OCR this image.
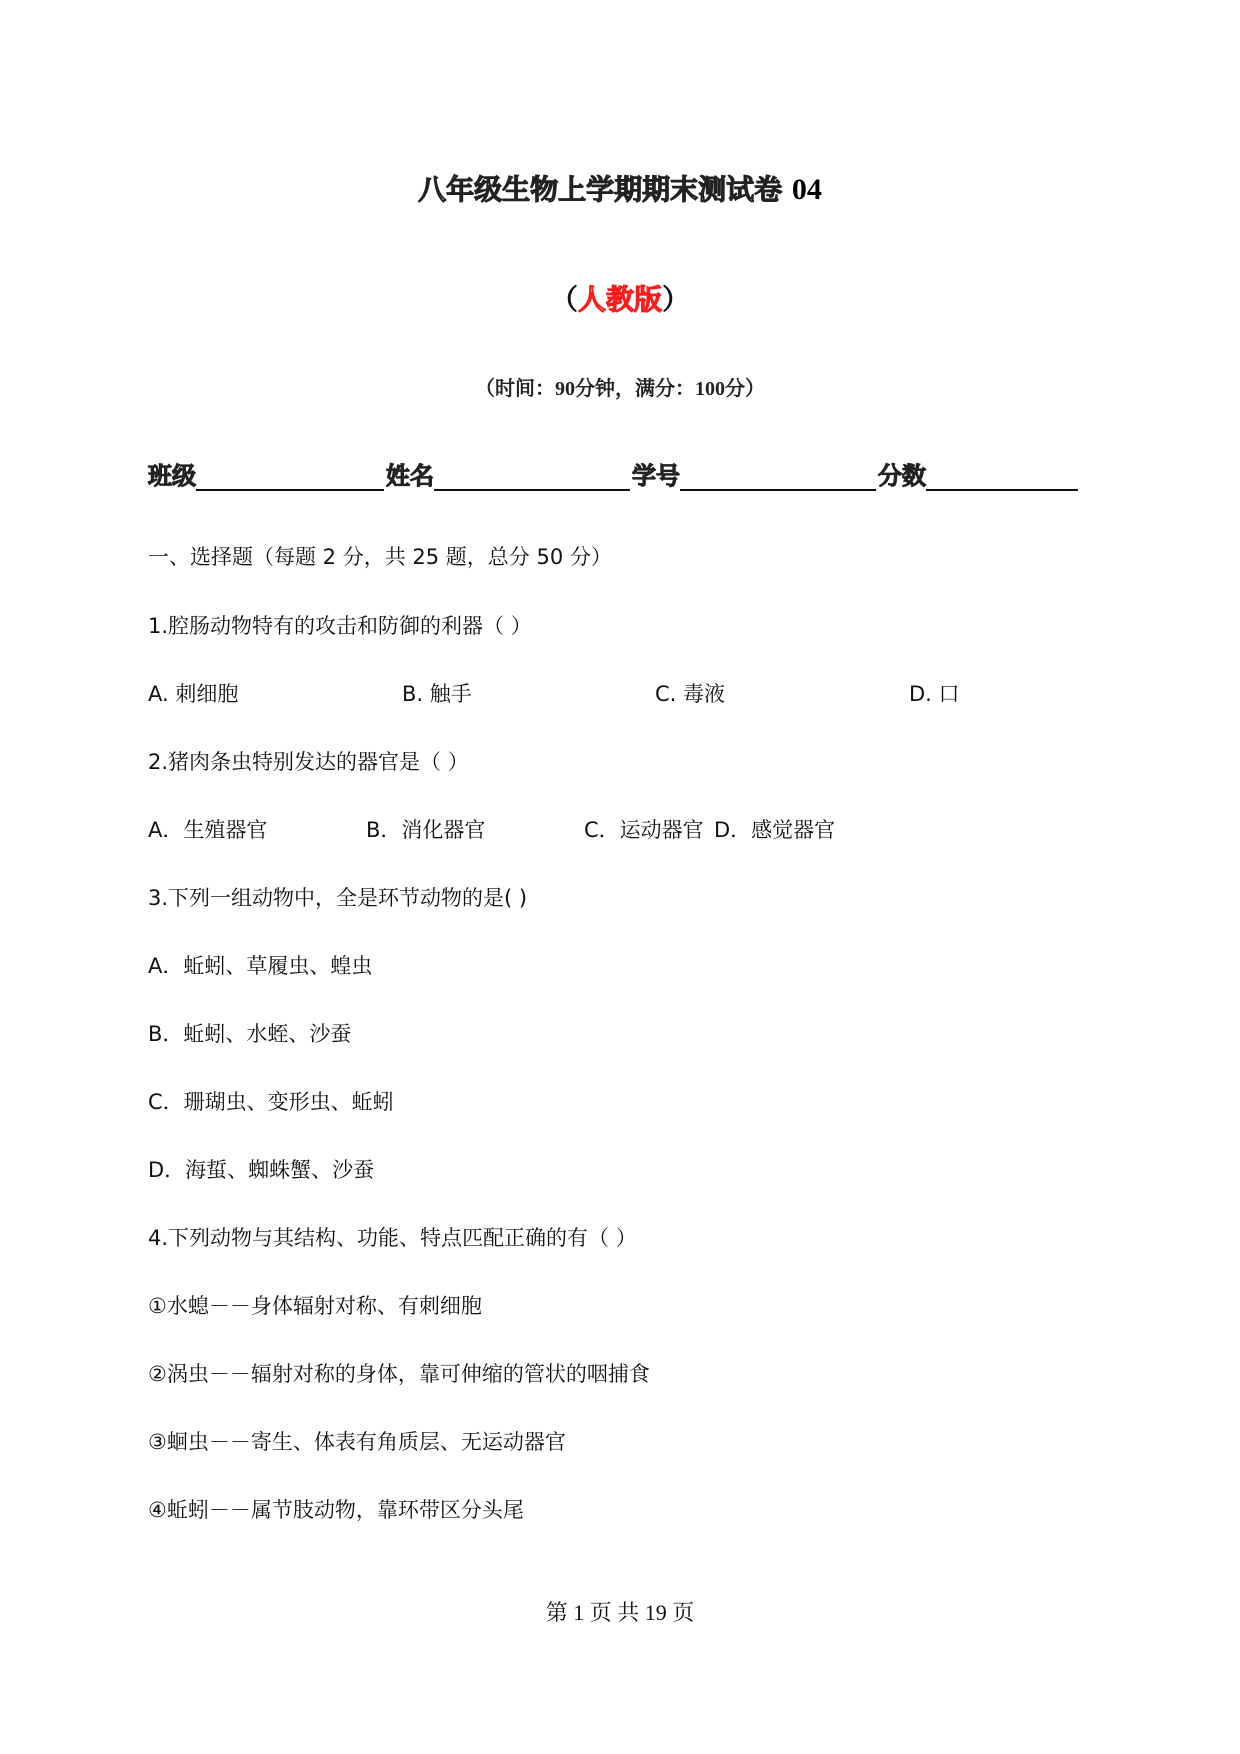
八年级生物上学期期末测试卷 04
（人教版）
（时间：90分钟，满分：100分）
班级	姓名	学号	分数
一、选择题（每题 2 分，共 25 题，总分 50 分）
1.腔肠动物特有的攻击和防御的利器（ ）
A. 刺细胞	B. 触手	C. 毒液	D. 口
2.猪肉条虫特别发达的器官是（ ）
A．生殖器官	B．消化器官	C．运动器官 D．感觉器官
3.下列一组动物中，全是环节动物的是( )
A．蚯蚓、草履虫、蝗虫
B．蚯蚓、水蛭、沙蚕
C．珊瑚虫、变形虫、蚯蚓
D．海蜇、蜘蛛蟹、沙蚕
4.下列动物与其结构、功能、特点匹配正确的有（ ）
①水螅－－身体辐射对称、有刺细胞
②涡虫－－辐射对称的身体，靠可伸缩的管状的咽捕食
③蛔虫－－寄生、体表有角质层、无运动器官
④蚯蚓－－属节肢动物，靠环带区分头尾
第 1 页 共 19 页
